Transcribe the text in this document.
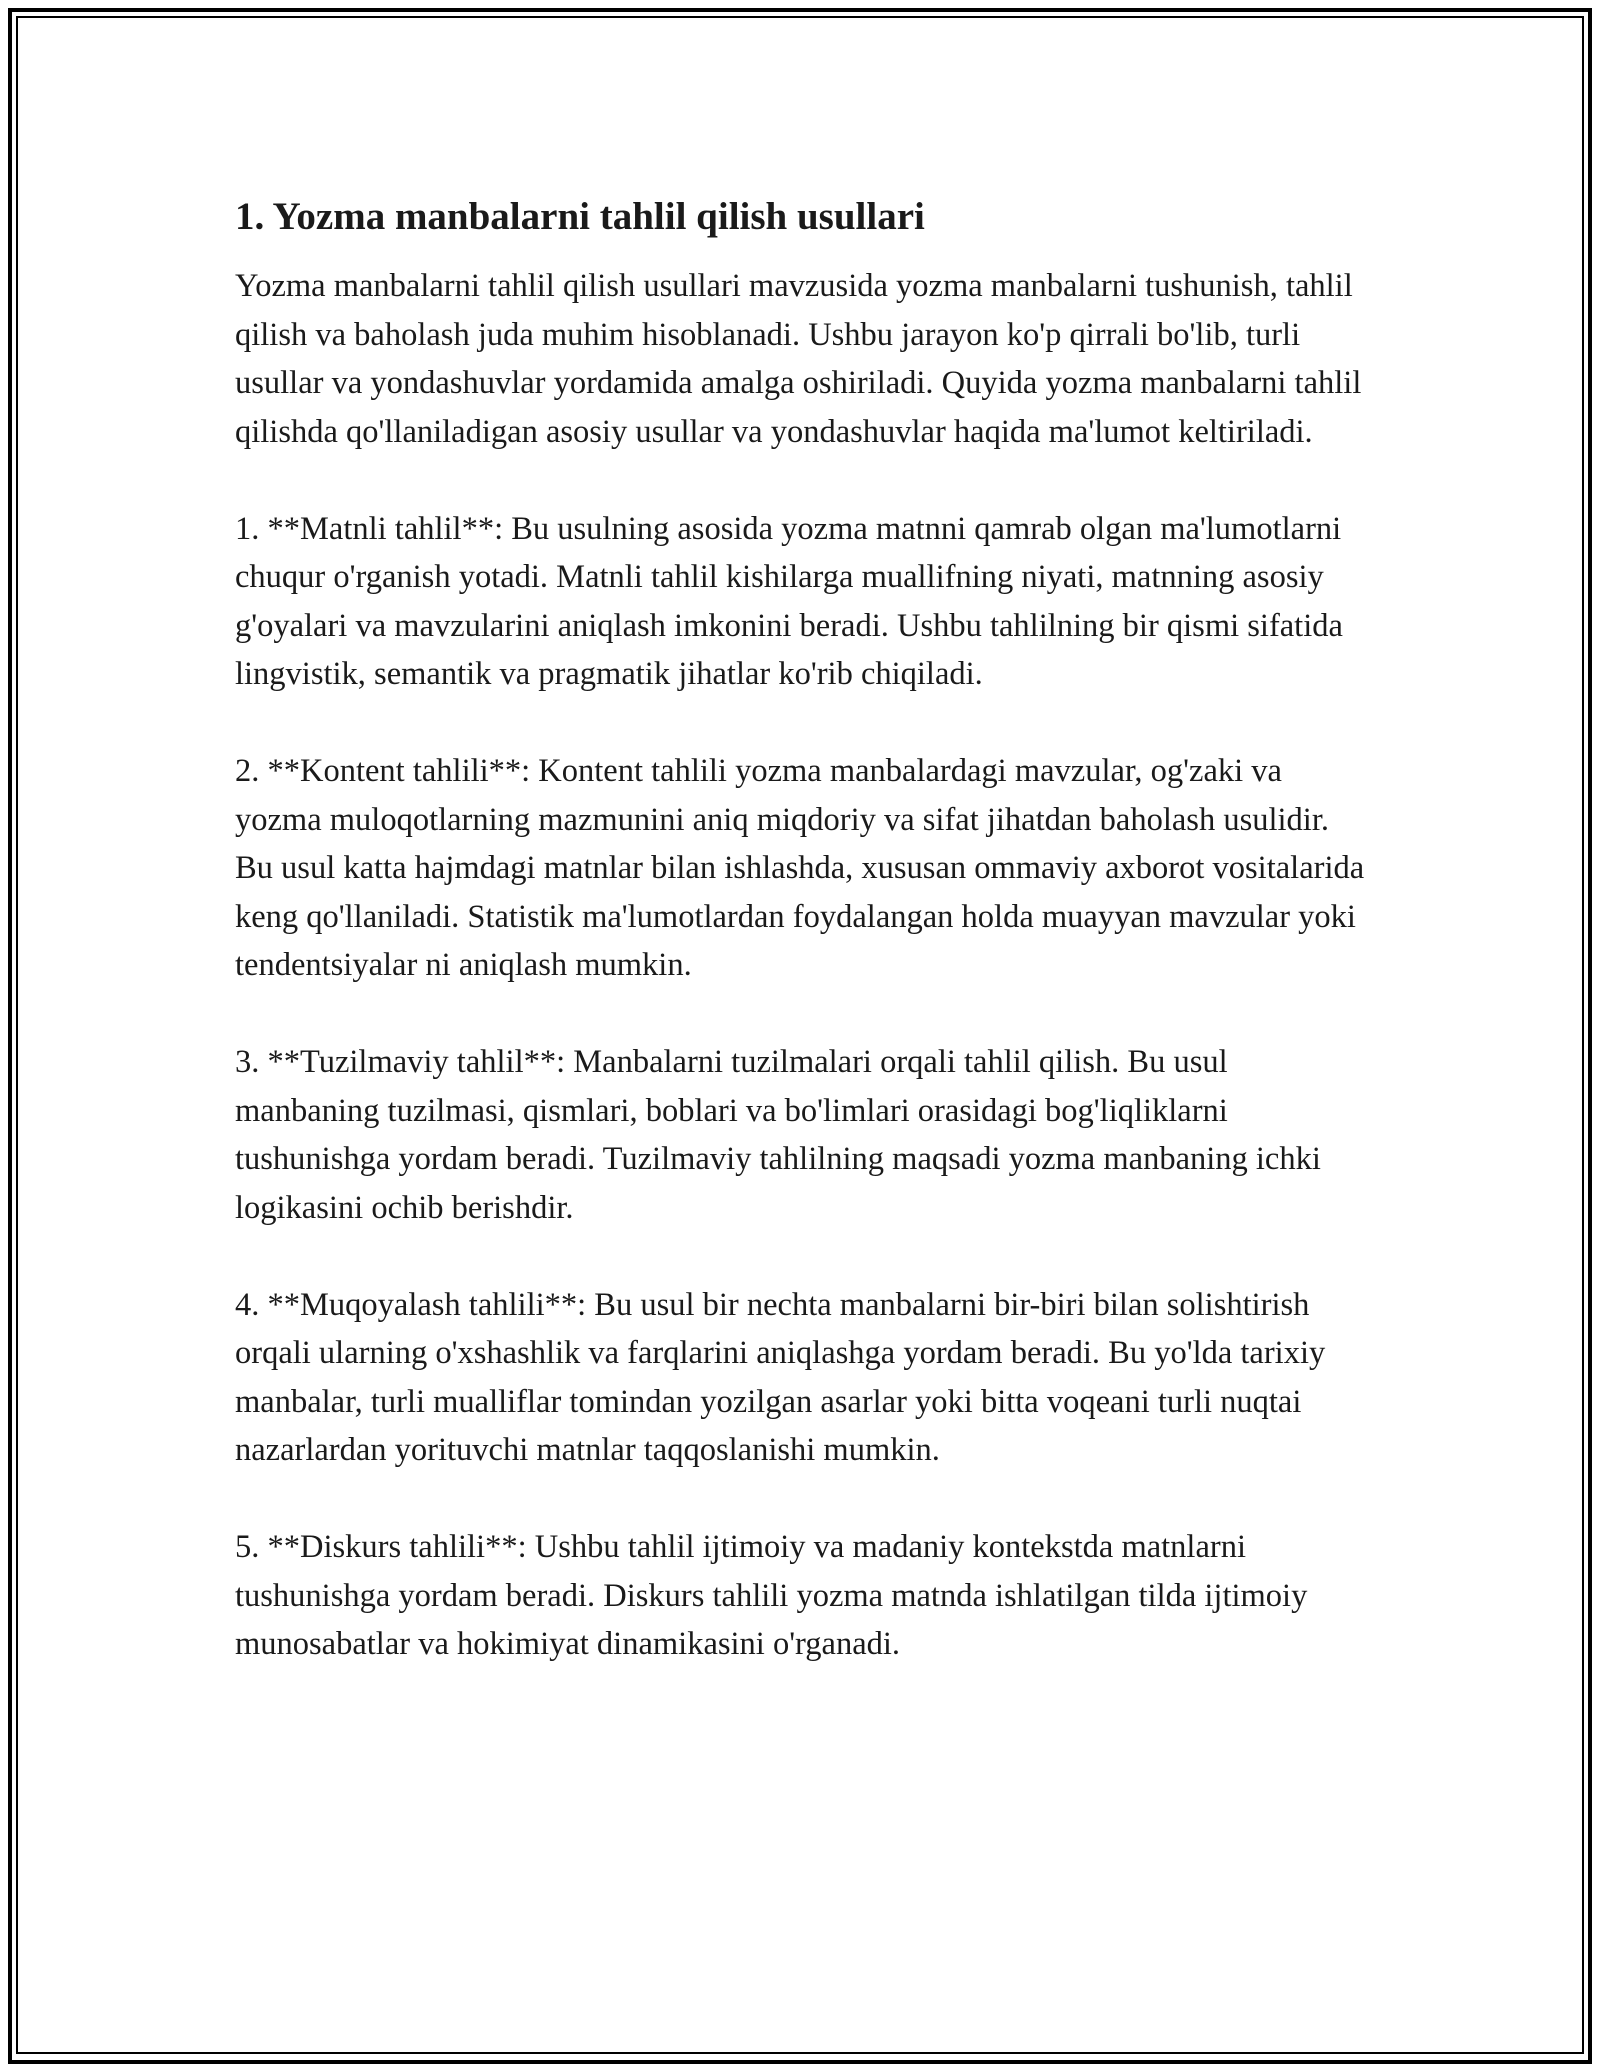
1. Yozma manbalarni tahlil qilish usullari

Yozma manbalarni tahlil qilish usullari mavzusida yozma manbalarni tushunish, tahlil qilish va baholash juda muhim hisoblanadi. Ushbu jarayon ko'p qirrali bo'lib, turli usullar va yondashuvlar yordamida amalga oshiriladi. Quyida yozma manbalarni tahlil qilishda qo'llaniladigan asosiy usullar va yondashuvlar haqida ma'lumot keltiriladi.

1. **Matnli tahlil**: Bu usulning asosida yozma matnni qamrab olgan ma'lumotlarni chuqur o'rganish yotadi. Matnli tahlil kishilarga muallifning niyati, matnning asosiy g'oyalari va mavzularini aniqlash imkonini beradi. Ushbu tahlilning bir qismi sifatida lingvistik, semantik va pragmatik jihatlar ko'rib chiqiladi.

2. **Kontent tahlili**: Kontent tahlili yozma manbalardagi mavzular, og'zaki va yozma muloqotlarning mazmunini aniq miqdoriy va sifat jihatdan baholash usulidir. Bu usul katta hajmdagi matnlar bilan ishlashda, xususan ommaviy axborot vositalarida keng qo'llaniladi. Statistik ma'lumotlardan foydalangan holda muayyan mavzular yoki tendentsiyalar ni aniqlash mumkin.

3. **Tuzilmaviy tahlil**: Manbalarni tuzilmalari orqali tahlil qilish. Bu usul manbaning tuzilmasi, qismlari, boblari va bo'limlari orasidagi bog'liqliklarni tushunishga yordam beradi. Tuzilmaviy tahlilning maqsadi yozma manbaning ichki logikasini ochib berishdir.

4. **Muqoyalash tahlili**: Bu usul bir nechta manbalarni bir-biri bilan solishtirish orqali ularning o'xshashlik va farqlarini aniqlashga yordam beradi. Bu yo'lda tarixiy manbalar, turli mualliflar tomindan yozilgan asarlar yoki bitta voqeani turli nuqtai nazarlardan yorituvchi matnlar taqqoslanishi mumkin.

5. **Diskurs tahlili**: Ushbu tahlil ijtimoiy va madaniy kontekstda matnlarni tushunishga yordam beradi. Diskurs tahlili yozma matnda ishlatilgan tilda ijtimoiy munosabatlar va hokimiyat dinamikasini o'rganadi.
